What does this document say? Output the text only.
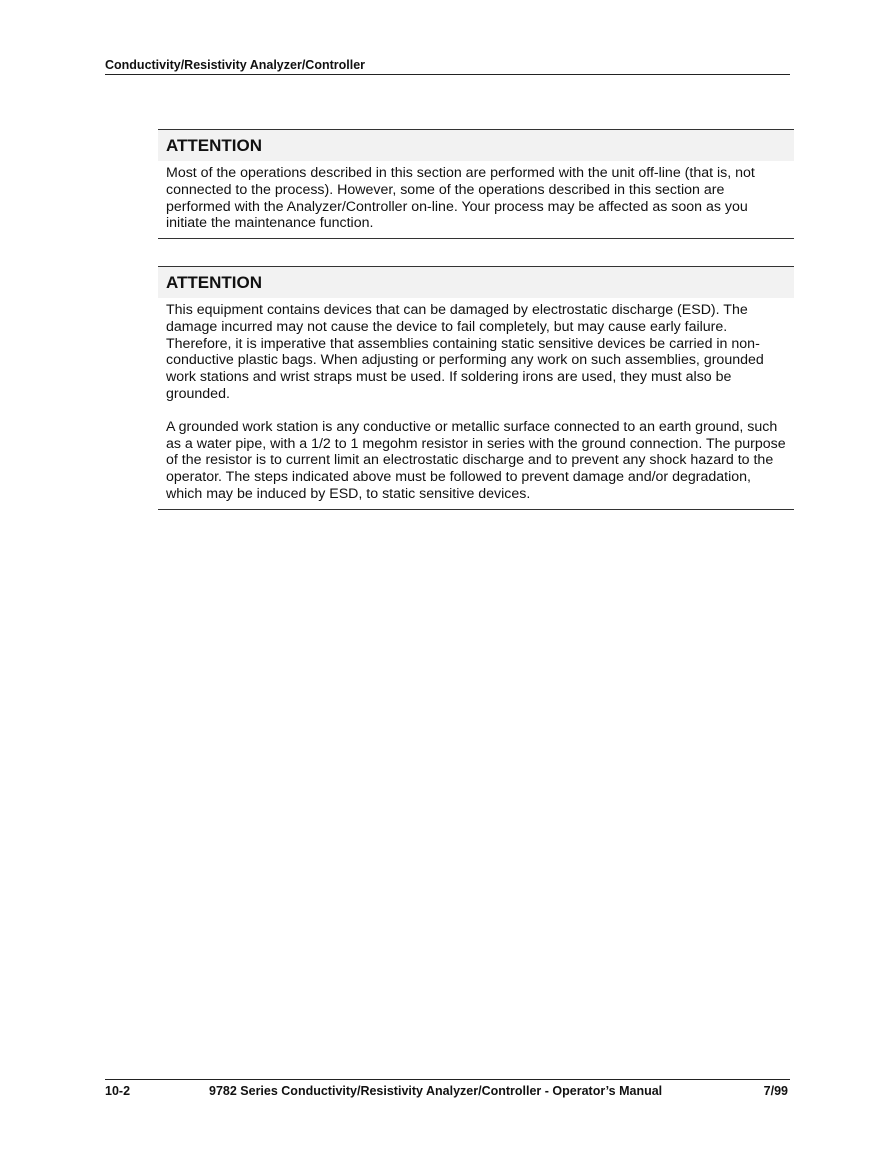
Conductivity/Resistivity Analyzer/Controller
ATTENTION

Most of the operations described in this section are performed with the unit off-line (that is, not connected to the process). However, some of the operations described in this section are performed with the Analyzer/Controller on-line. Your process may be affected as soon as you initiate the maintenance function.

ATTENTION

This equipment contains devices that can be damaged by electrostatic discharge (ESD). The damage incurred may not cause the device to fail completely, but may cause early failure. Therefore, it is imperative that assemblies containing static sensitive devices be carried in non-conductive plastic bags. When adjusting or performing any work on such assemblies, grounded work stations and wrist straps must be used. If soldering irons are used, they must also be grounded.

A grounded work station is any conductive or metallic surface connected to an earth ground, such as a water pipe, with a 1/2 to 1 megohm resistor in series with the ground connection. The purpose of the resistor is to current limit an electrostatic discharge and to prevent any shock hazard to the operator. The steps indicated above must be followed to prevent damage and/or degradation, which may be induced by ESD, to static sensitive devices.

10-2	9782 Series Conductivity/Resistivity Analyzer/Controller - Operator’s Manual	7/99
